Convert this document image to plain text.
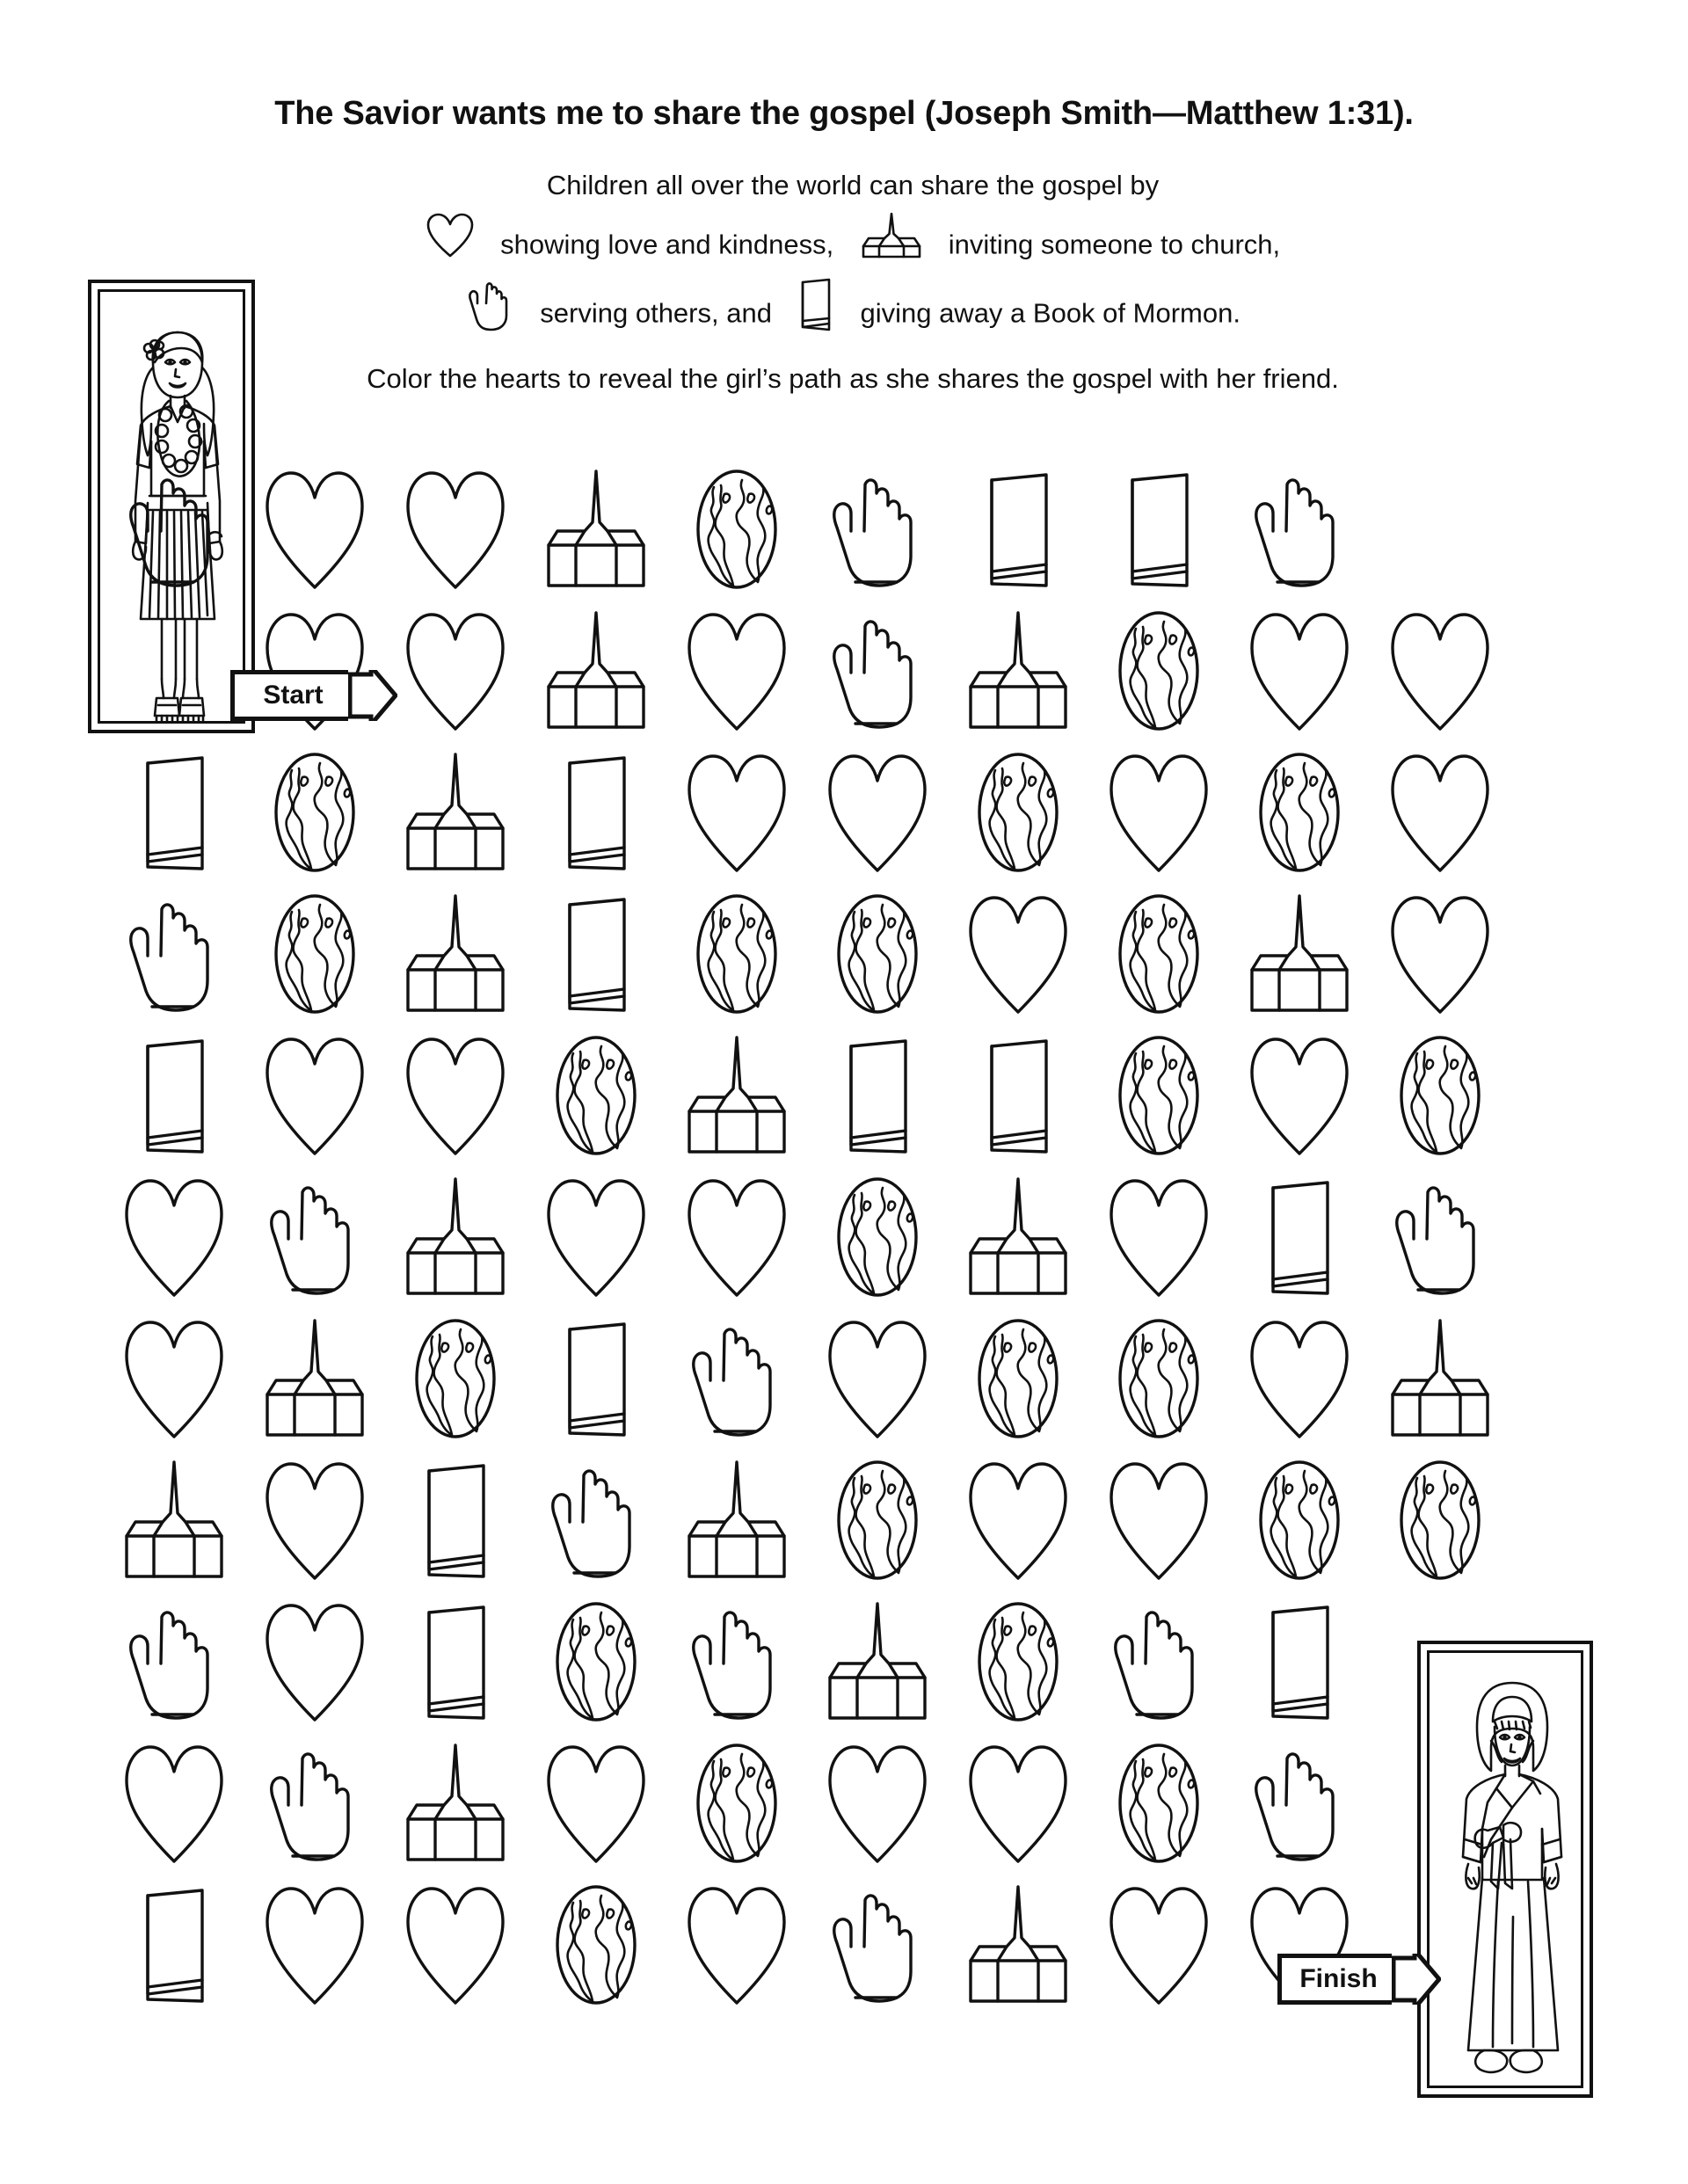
The Savior wants me to share the gospel (Joseph Smith—Matthew 1:31).
Children all over the world can share the gospel by
showing love and kindness,	inviting someone to church,
serving others, and	giving away a Book of Mormon.
Color the hearts to reveal the girl’s path as she shares the gospel with her friend.
Start
Finish
